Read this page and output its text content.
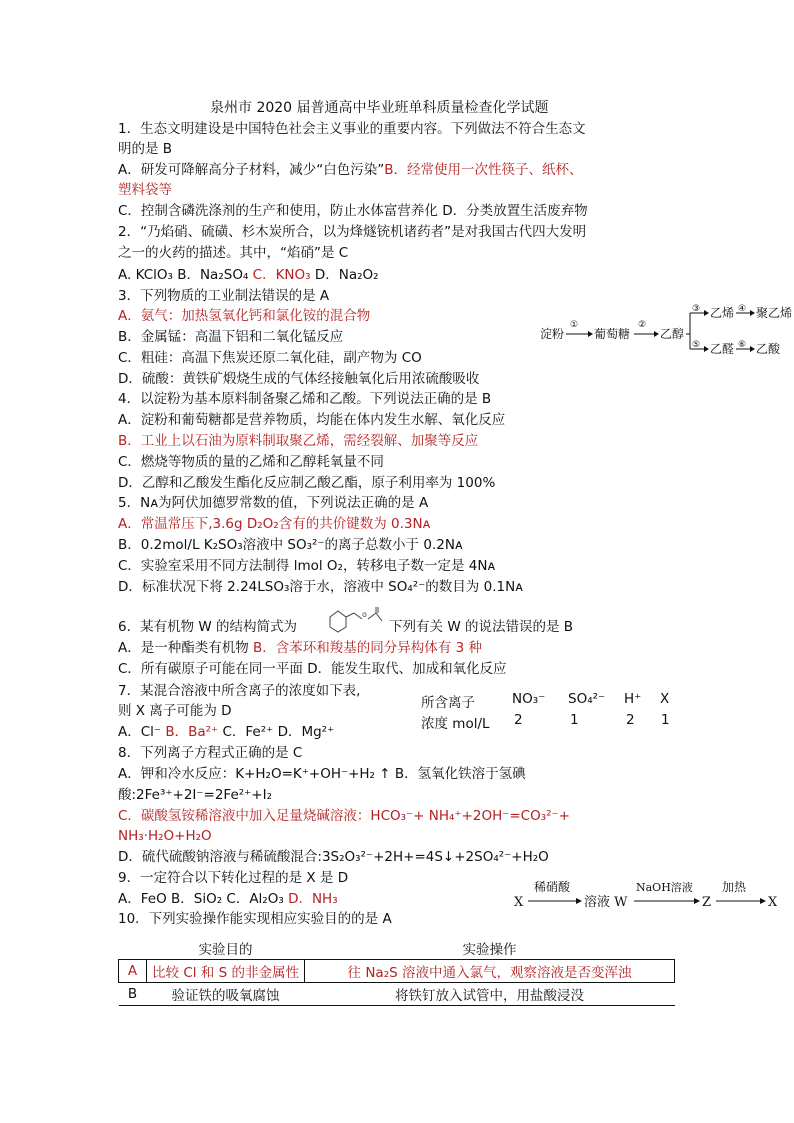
泉州市 2020 届普通高中毕业班单科质量检查化学试题
1．生态文明建设是中国特色社会主义事业的重要内容。下列做法不符合生态文
明的是 B
A．研发可降解高分子材料，减少“白色污染”B．经常使用一次性筷子、纸杯、
塑料袋等
C．控制含磷洗涤剂的生产和使用，防止水体富营养化 D．分类放置生活废弃物
2．“乃焰硝、硫磺、杉木炭所合，以为烽燧铳机诸药者”是对我国古代四大发明
之一的火药的描述。其中，“焰硝”是 C
A. KClO₃ B．Na₂SO₄ C．KNO₃ D．Na₂O₂
3．下列物质的工业制法错误的是 A
A．氨气：加热氢氧化钙和氯化铵的混合物
B．金属锰：高温下铝和二氧化锰反应
C．粗硅：高温下焦炭还原二氧化硅，副产物为 CO
D．硫酸：黄铁矿煅烧生成的气体经接触氧化后用浓硫酸吸收
4．以淀粉为基本原料制备聚乙烯和乙酸。下列说法正确的是 B
A．淀粉和葡萄糖都是营养物质，均能在体内发生水解、氧化反应
B．工业上以石油为原料制取聚乙烯，需经裂解、加聚等反应
C．燃烧等物质的量的乙烯和乙醇耗氧量不同
D．乙醇和乙酸发生酯化反应制乙酸乙酯，原子利用率为 100%
5．Nᴀ为阿伏加德罗常数的值，下列说法正确的是 A
A．常温常压下,3.6g D₂O₂含有的共价键数为 0.3Nᴀ
B．0.2mol/L K₂SO₃溶液中 SO₃²⁻的离子总数小于 0.2Nᴀ
C．实验室采用不同方法制得 lmol O₂，转移电子数一定是 4Nᴀ
D．标准状况下将 2.24LSO₃溶于水，溶液中 SO₄²⁻的数目为 0.1Nᴀ
6．某有机物 W 的结构简式为	下列有关 W 的说法错误的是 B
A．是一种酯类有机物 B．含苯环和羧基的同分异构体有 3 种
C．所有碳原子可能在同一平面 D．能发生取代、加成和氧化反应
7．某混合溶液中所含离子的浓度如下表,
则 X 离子可能为 D
A．Cl⁻ B．Ba²⁺ C．Fe²⁺ D．Mg²⁺
8．下列离子方程式正确的是 C
A．钾和冷水反应：K+H₂O=K⁺+OH⁻+H₂ ↑ B．氢氧化铁溶于氢碘
酸:2Fe³⁺+2I⁻=2Fe²⁺+I₂
C．碳酸氢铵稀溶液中加入足量烧碱溶液：HCO₃⁻+ NH₄⁺+2OH⁻=CO₃²⁻+
NH₃·H₂O+H₂O
D．硫代硫酸钠溶液与稀硫酸混合:3S₂O₃²⁻+2H+=4S↓+2SO₄²⁻+H₂O
9．一定符合以下转化过程的是 X 是 D
A．FeO B．SiO₂ C．Al₂O₃ D．NH₃
10．下列实验操作能实现相应实验目的的是 A
o
淀粉
①
葡萄糖
②
乙醇
③
⑤
乙烯 ④ 聚乙烯
乙醛 ⑥ 乙酸
所含离子	NO₃⁻ SO₄²⁻ H⁺ X
浓度 mol/L 2	1	2 1
X
稀硝酸
溶液 W
NaOH溶液
Z
加热
X
	实验目的	实验操作
A	比较 Cl 和 S 的非金属性	往 Na₂S 溶液中通入氯气，观察溶液是否变浑浊
B	验证铁的吸氧腐蚀	将铁钉放入试管中，用盐酸浸没
